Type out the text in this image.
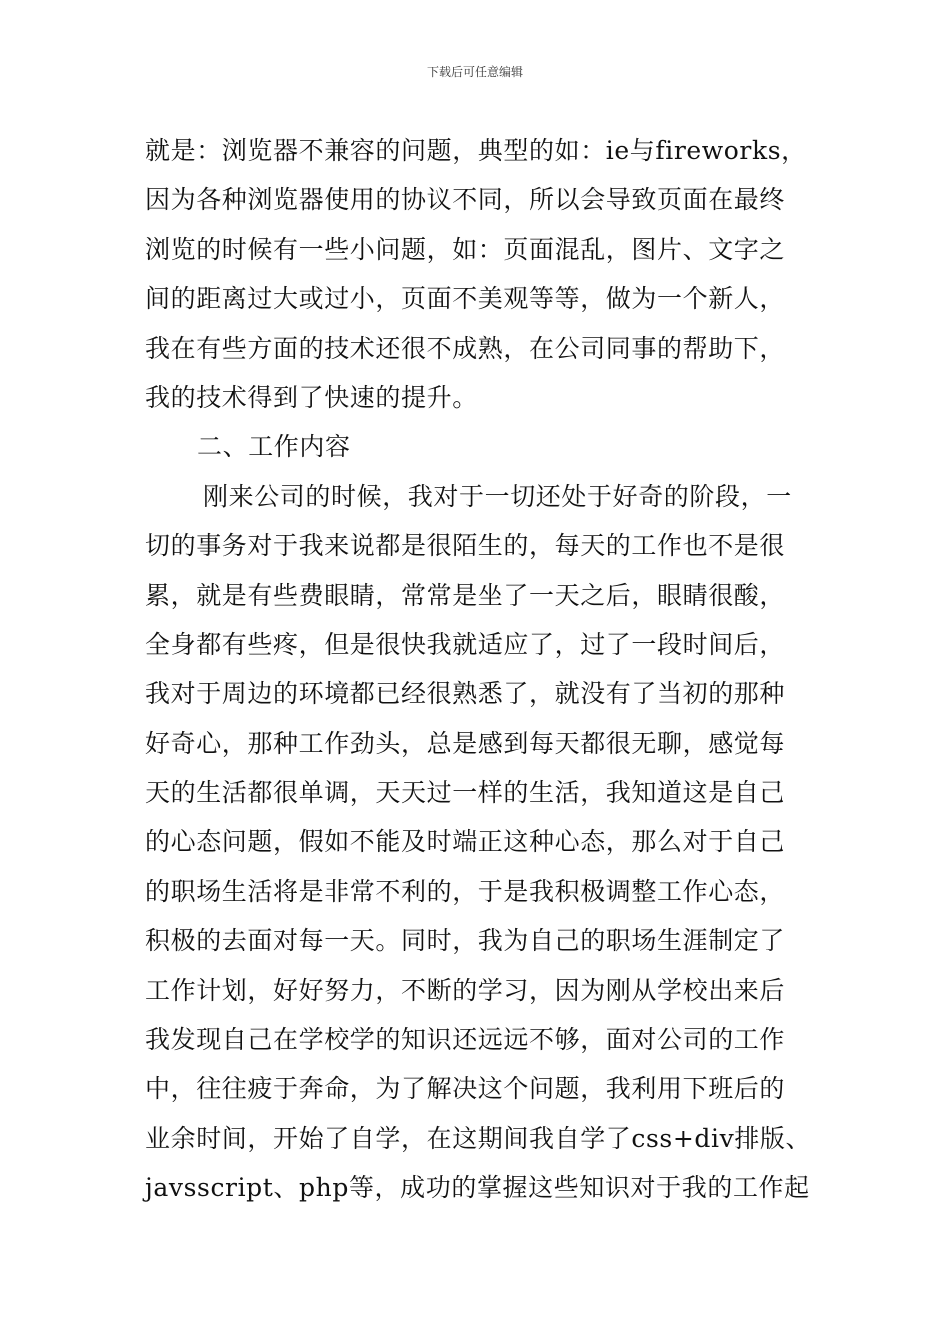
下载后可任意编辑
就是：浏览器不兼容的问题，典型的如：ie与fireworks，
因为各种浏览器使用的协议不同，所以会导致页面在最终
浏览的时候有一些小问题，如：页面混乱，图片、文字之
间的距离过大或过小，页面不美观等等，做为一个新人，
我在有些方面的技术还很不成熟，在公司同事的帮助下，
我的技术得到了快速的提升。
二、工作内容
刚来公司的时候，我对于一切还处于好奇的阶段，一
切的事务对于我来说都是很陌生的，每天的工作也不是很
累，就是有些费眼睛，常常是坐了一天之后，眼睛很酸，
全身都有些疼，但是很快我就适应了，过了一段时间后，
我对于周边的环境都已经很熟悉了，就没有了当初的那种
好奇心，那种工作劲头，总是感到每天都很无聊，感觉每
天的生活都很单调，天天过一样的生活，我知道这是自己
的心态问题，假如不能及时端正这种心态，那么对于自己
的职场生活将是非常不利的，于是我积极调整工作心态，
积极的去面对每一天。同时，我为自己的职场生涯制定了
工作计划，好好努力，不断的学习，因为刚从学校出来后
我发现自己在学校学的知识还远远不够，面对公司的工作
中，往往疲于奔命，为了解决这个问题，我利用下班后的
业余时间，开始了自学，在这期间我自学了css+div排版、
javsscript、php等，成功的掌握这些知识对于我的工作起
